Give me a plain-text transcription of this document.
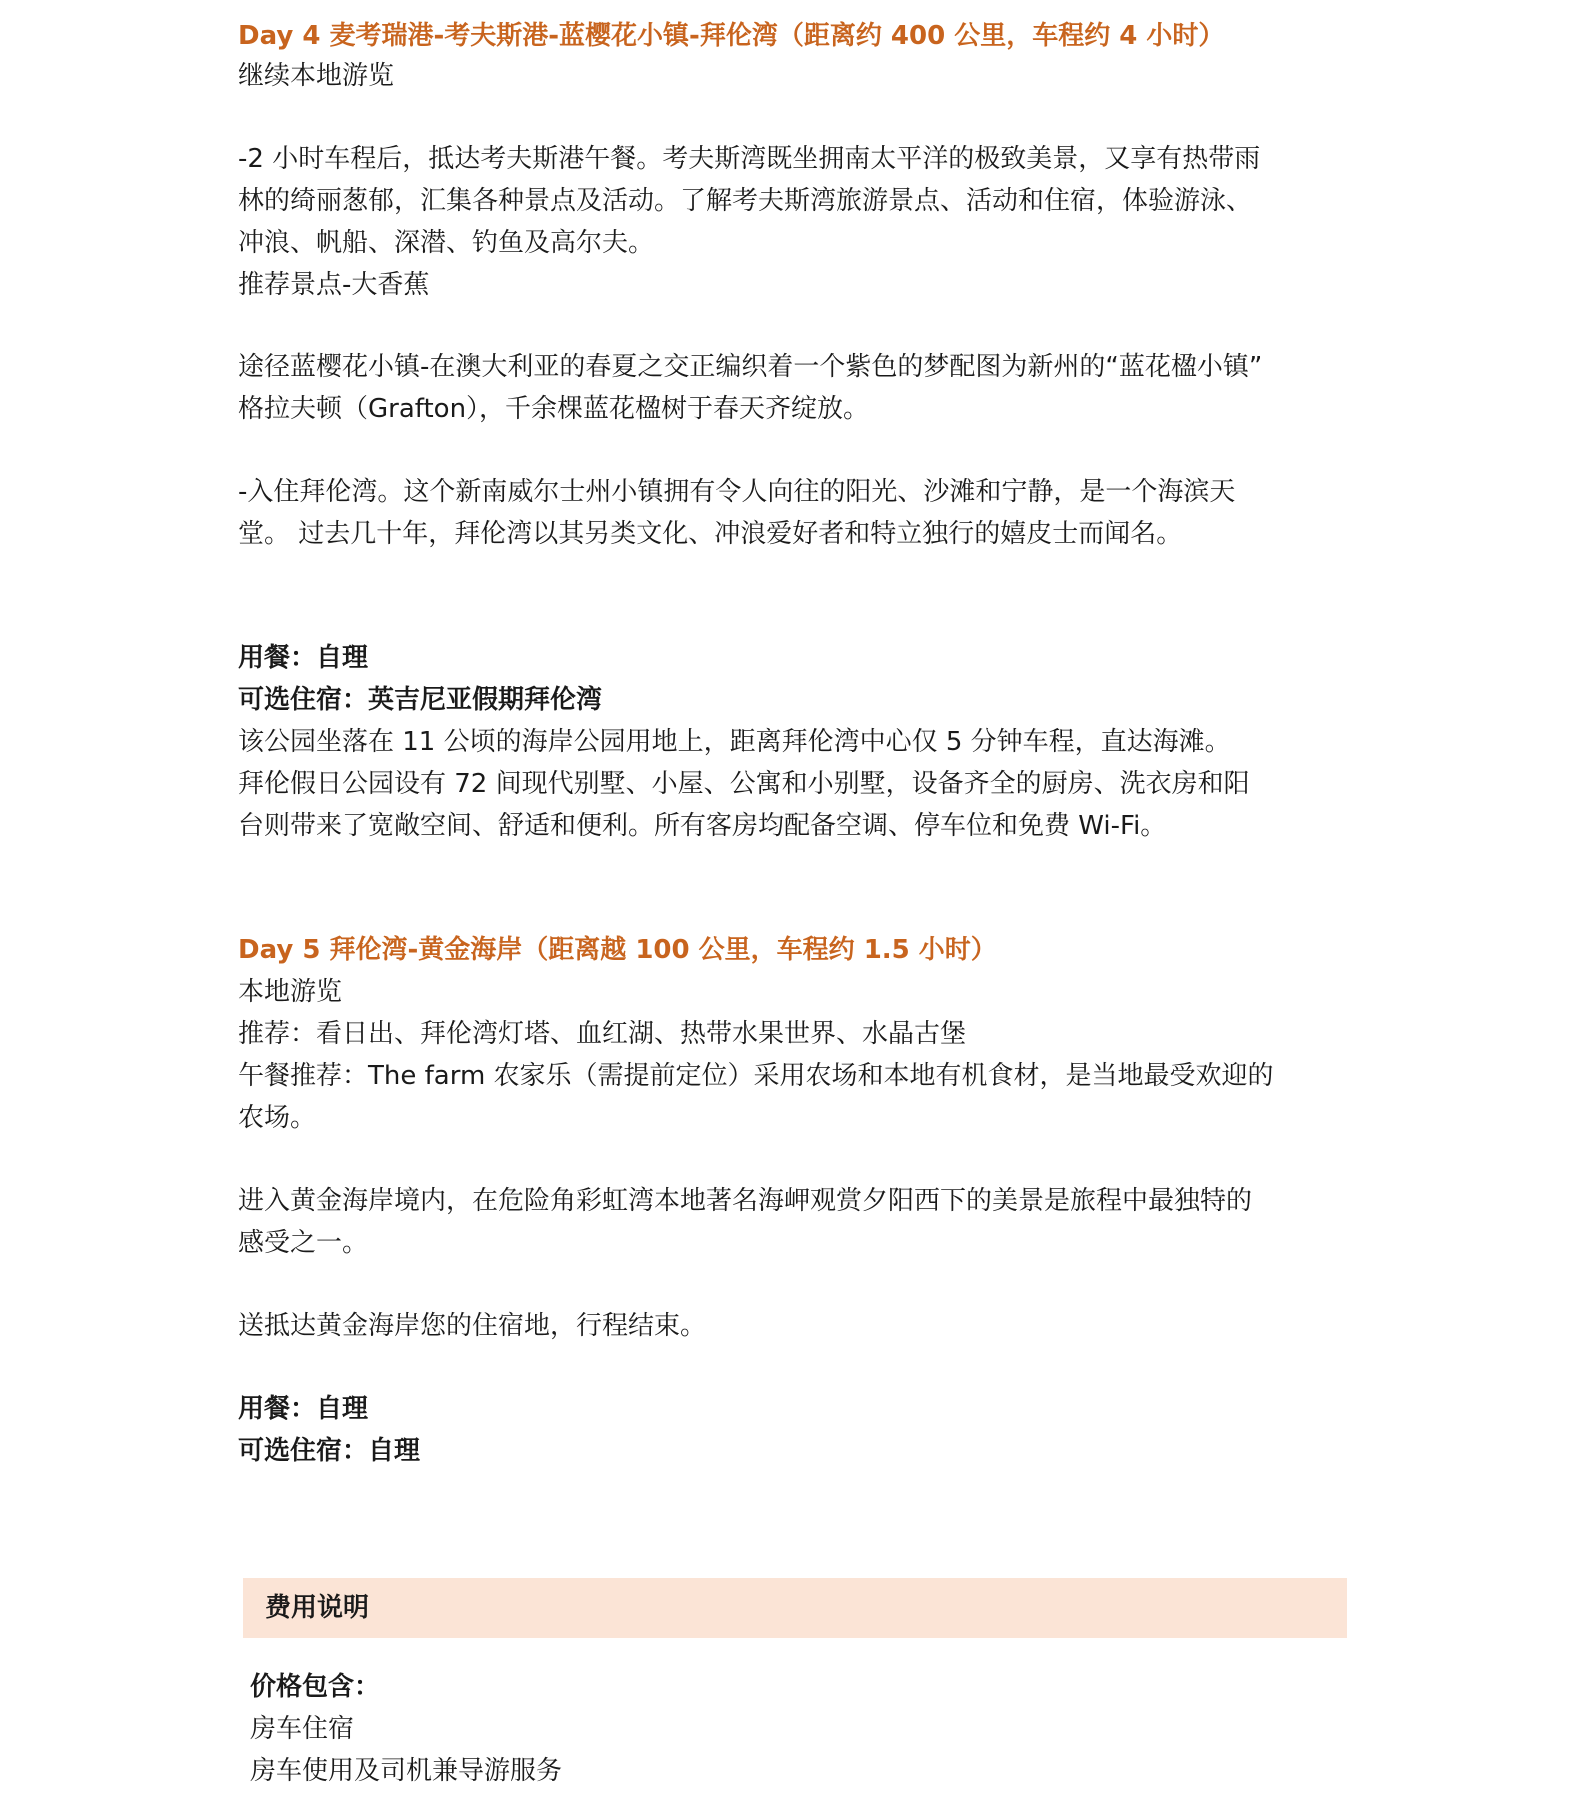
Day 4 麦考瑞港-考夫斯港-蓝樱花小镇-拜伦湾（距离约 400 公里，车程约 4 小时）
继续本地游览
-2 小时车程后，抵达考夫斯港午餐。考夫斯湾既坐拥南太平洋的极致美景，又享有热带雨
林的绮丽葱郁，汇集各种景点及活动。了解考夫斯湾旅游景点、活动和住宿，体验游泳、
冲浪、帆船、深潜、钓鱼及高尔夫。
推荐景点-大香蕉
途径蓝樱花小镇-在澳大利亚的春夏之交正编织着一个紫色的梦配图为新州的“蓝花楹小镇”
格拉夫顿（Grafton），千余棵蓝花楹树于春天齐绽放。
-入住拜伦湾。这个新南威尔士州小镇拥有令人向往的阳光、沙滩和宁静，是一个海滨天
堂。 过去几十年，拜伦湾以其另类文化、冲浪爱好者和特立独行的嬉皮士而闻名。
用餐：自理
可选住宿：英吉尼亚假期拜伦湾
该公园坐落在 11 公顷的海岸公园用地上，距离拜伦湾中心仅 5 分钟车程，直达海滩。
拜伦假日公园设有 72 间现代别墅、小屋、公寓和小别墅，设备齐全的厨房、洗衣房和阳
台则带来了宽敞空间、舒适和便利。所有客房均配备空调、停车位和免费 Wi-Fi。
Day 5 拜伦湾-黄金海岸（距离越 100 公里，车程约 1.5 小时）
本地游览
推荐：看日出、拜伦湾灯塔、血红湖、热带水果世界、水晶古堡
午餐推荐：The farm 农家乐（需提前定位）采用农场和本地有机食材，是当地最受欢迎的
农场。
进入黄金海岸境内，在危险角彩虹湾本地著名海岬观赏夕阳西下的美景是旅程中最独特的
感受之一。
送抵达黄金海岸您的住宿地，行程结束。
用餐：自理
可选住宿：自理
费用说明
价格包含：
房车住宿
房车使用及司机兼导游服务
